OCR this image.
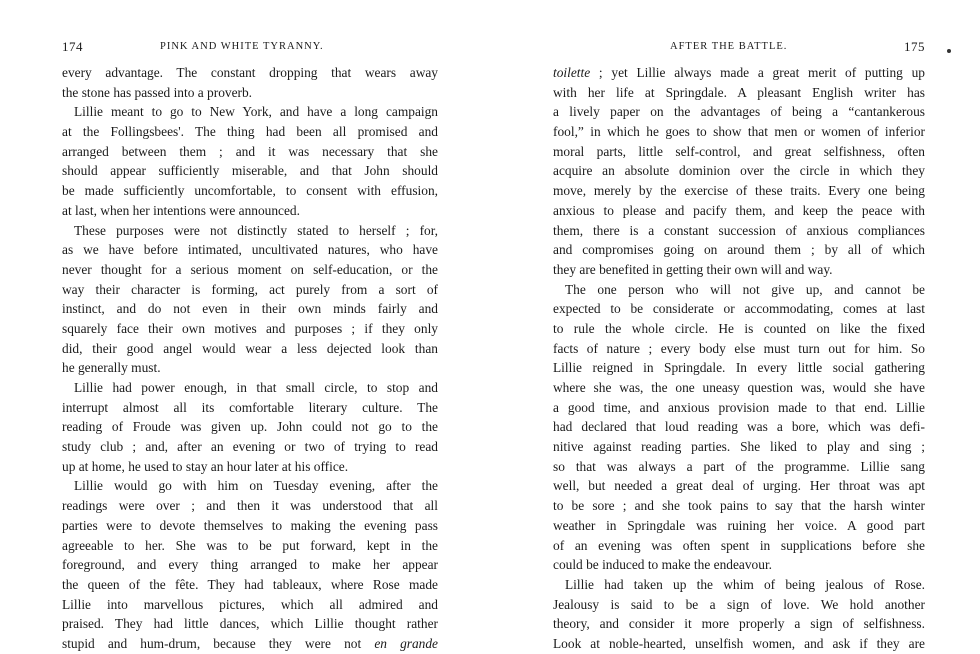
174	PINK AND WHITE TYRANNY.
every advantage. The constant dropping that wears away
the stone has passed into a proverb.
Lillie meant to go to New York, and have a long campaign
at the Follingsbees'. The thing had been all promised and
arranged between them ; and it was necessary that she
should appear sufficiently miserable, and that John should
be made sufficiently uncomfortable, to consent with effusion,
at last, when her intentions were announced.
These purposes were not distinctly stated to herself ; for,
as we have before intimated, uncultivated natures, who have
never thought for a serious moment on self-education, or the
way their character is forming, act purely from a sort of
instinct, and do not even in their own minds fairly and
squarely face their own motives and purposes ; if they only
did, their good angel would wear a less dejected look than
he generally must.
Lillie had power enough, in that small circle, to stop and
interrupt almost all its comfortable literary culture. The
reading of Froude was given up. John could not go to the
study club ; and, after an evening or two of trying to read
up at home, he used to stay an hour later at his office.
Lillie would go with him on Tuesday evening, after the
readings were over ; and then it was understood that all
parties were to devote themselves to making the evening pass
agreeable to her. She was to be put forward, kept in the
foreground, and every thing arranged to make her appear
the queen of the fête. They had tableaux, where Rose made
Lillie into marvellous pictures, which all admired and
praised. They had little dances, which Lillie thought rather
stupid and hum-drum, because they were not en grande
AFTER THE BATTLE.	175
toilette ; yet Lillie always made a great merit of putting up
with her life at Springdale. A pleasant English writer has
a lively paper on the advantages of being a “cantankerous
fool,” in which he goes to show that men or women of inferior
moral parts, little self-control, and great selfishness, often
acquire an absolute dominion over the circle in which they
move, merely by the exercise of these traits. Every one being
anxious to please and pacify them, and keep the peace with
them, there is a constant succession of anxious compliances
and compromises going on around them ; by all of which
they are benefited in getting their own will and way.
The one person who will not give up, and cannot be
expected to be considerate or accommodating, comes at last
to rule the whole circle. He is counted on like the fixed
facts of nature ; every body else must turn out for him. So
Lillie reigned in Springdale. In every little social gathering
where she was, the one uneasy question was, would she have
a good time, and anxious provision made to that end. Lillie
had declared that loud reading was a bore, which was defi-
nitive against reading parties. She liked to play and sing ;
so that was always a part of the programme. Lillie sang
well, but needed a great deal of urging. Her throat was apt
to be sore ; and she took pains to say that the harsh winter
weather in Springdale was ruining her voice. A good part
of an evening was often spent in supplications before she
could be induced to make the endeavour.
Lillie had taken up the whim of being jealous of Rose.
Jealousy is said to be a sign of love. We hold another
theory, and consider it more properly a sign of selfishness.
Look at noble-hearted, unselfish women, and ask if they are
